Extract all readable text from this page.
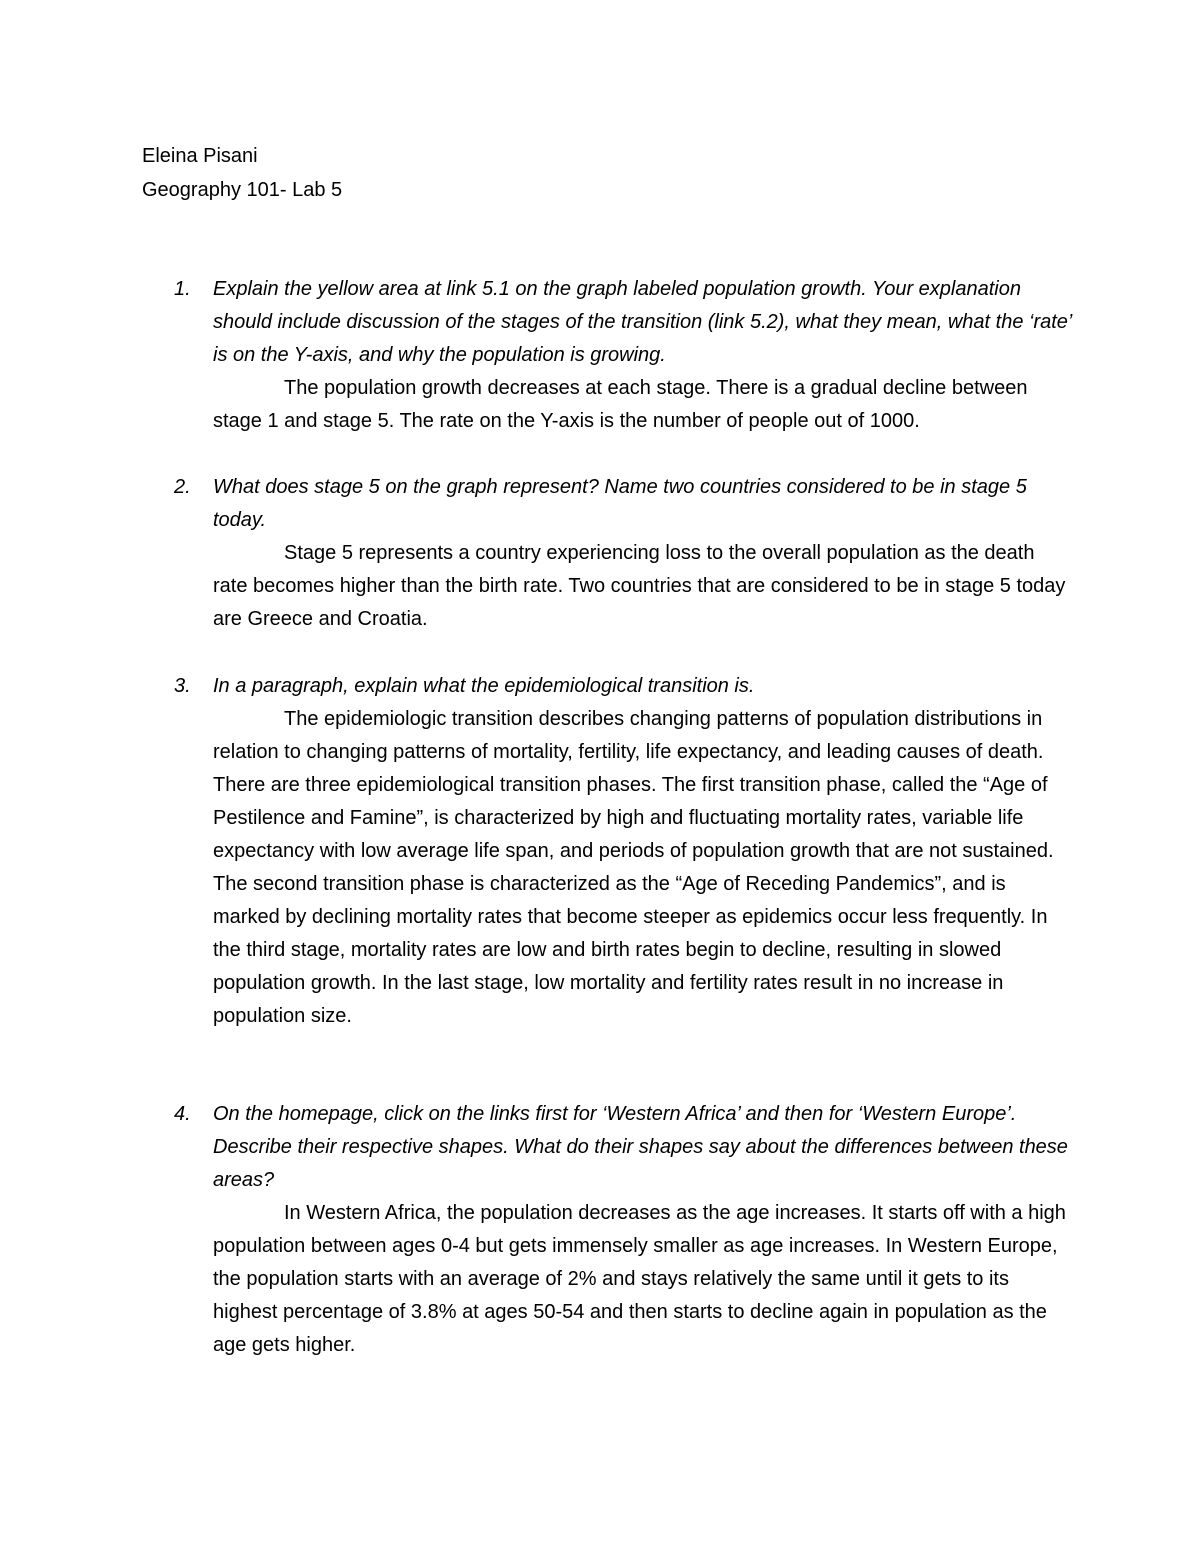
Eleina Pisani
Geography 101- Lab 5
1. Explain the yellow area at link 5.1 on the graph labeled population growth. Your explanation should include discussion of the stages of the transition (link 5.2), what they mean, what the ‘rate’ is on the Y-axis, and why the population is growing.
The population growth decreases at each stage. There is a gradual decline between stage 1 and stage 5. The rate on the Y-axis is the number of people out of 1000.
2. What does stage 5 on the graph represent? Name two countries considered to be in stage 5 today.
Stage 5 represents a country experiencing loss to the overall population as the death rate becomes higher than the birth rate. Two countries that are considered to be in stage 5 today are Greece and Croatia.
3. In a paragraph, explain what the epidemiological transition is.
The epidemiologic transition describes changing patterns of population distributions in relation to changing patterns of mortality, fertility, life expectancy, and leading causes of death. There are three epidemiological transition phases. The first transition phase, called the “Age of Pestilence and Famine”, is characterized by high and fluctuating mortality rates, variable life expectancy with low average life span, and periods of population growth that are not sustained. The second transition phase is characterized as the “Age of Receding Pandemics”, and is marked by declining mortality rates that become steeper as epidemics occur less frequently. In the third stage, mortality rates are low and birth rates begin to decline, resulting in slowed population growth. In the last stage, low mortality and fertility rates result in no increase in population size.
4. On the homepage, click on the links first for ‘Western Africa’ and then for ‘Western Europe’. Describe their respective shapes. What do their shapes say about the differences between these areas?
In Western Africa, the population decreases as the age increases. It starts off with a high population between ages 0-4 but gets immensely smaller as age increases. In Western Europe, the population starts with an average of 2% and stays relatively the same until it gets to its highest percentage of 3.8% at ages 50-54 and then starts to decline again in population as the age gets higher.
